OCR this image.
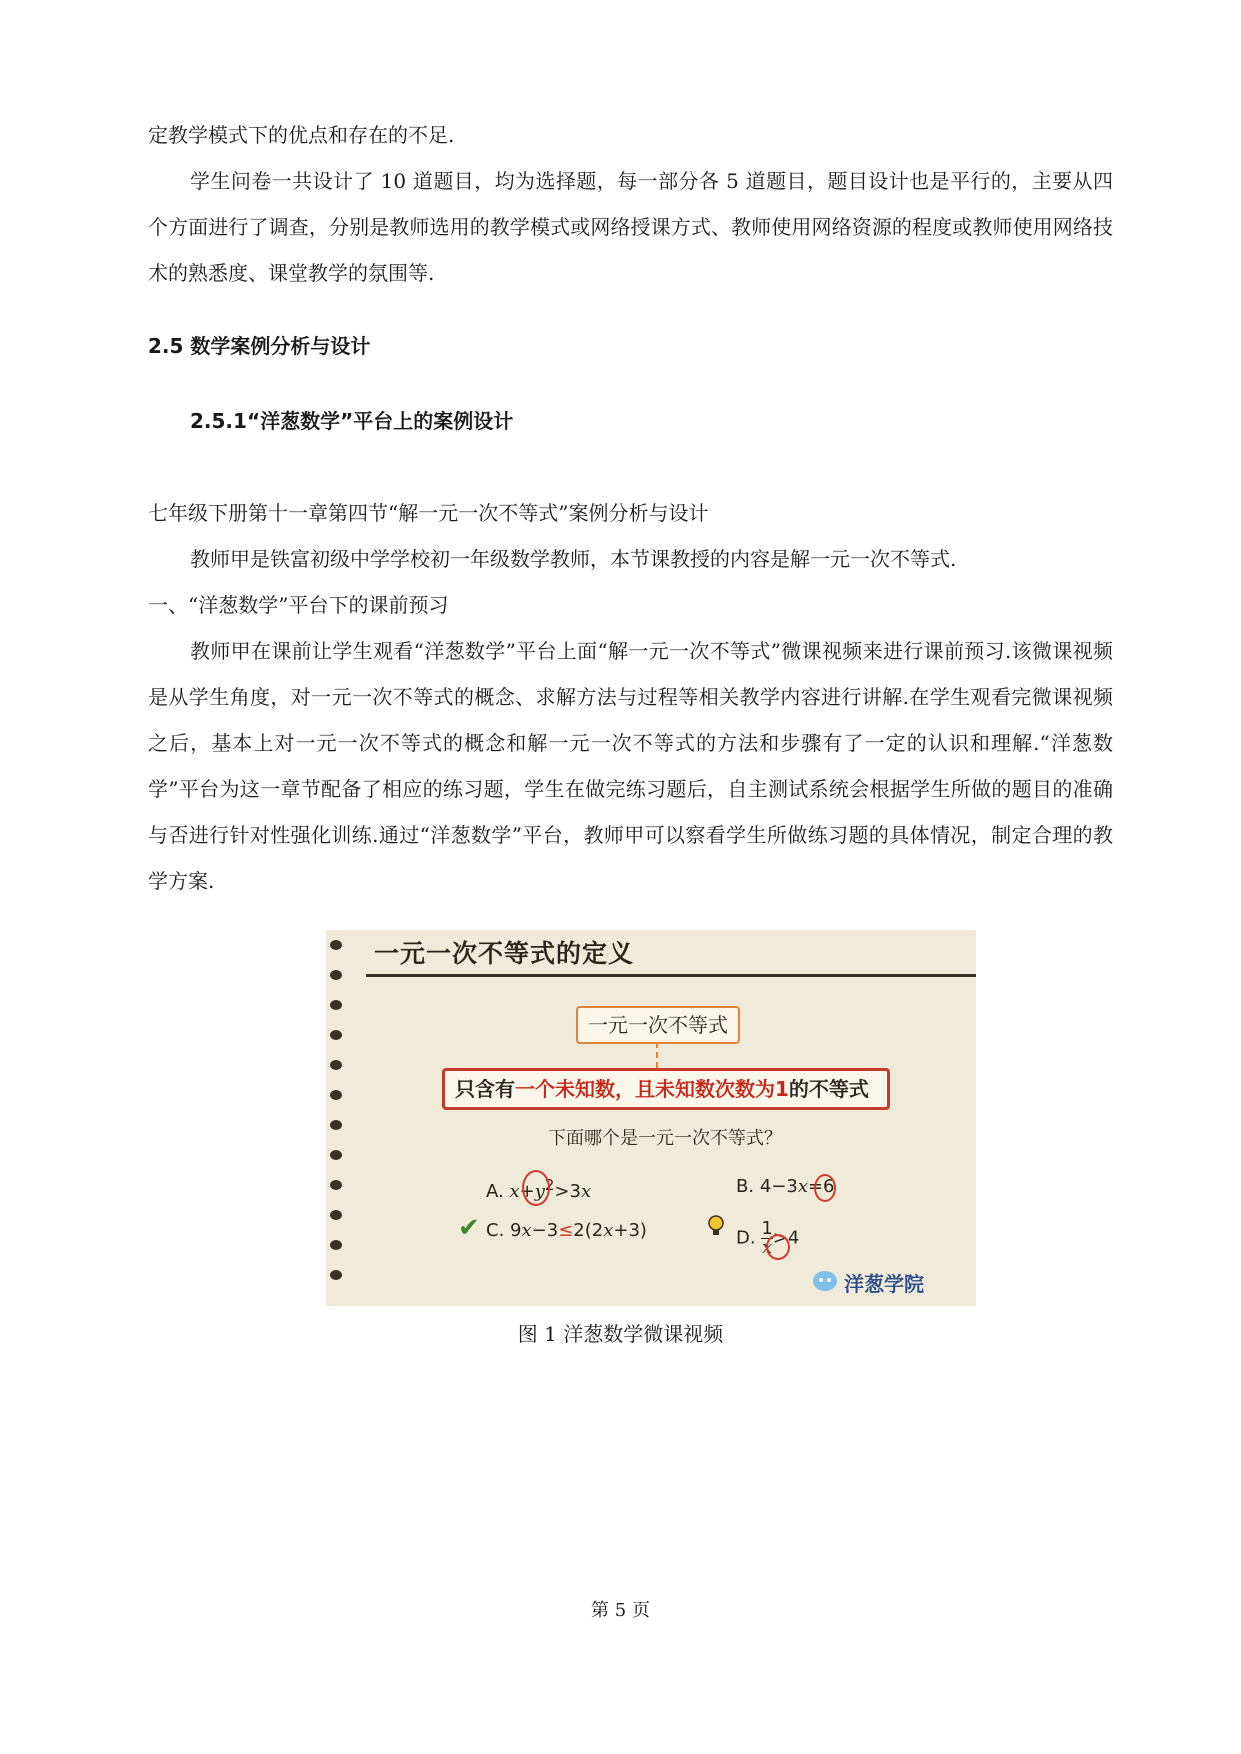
定教学模式下的优点和存在的不足.

学生问卷一共设计了 10 道题目，均为选择题，每一部分各 5 道题目，题目设计也是平行的，主要从四个方面进行了调查，分别是教师选用的教学模式或网络授课方式、教师使用网络资源的程度或教师使用网络技术的熟悉度、课堂教学的氛围等.

2.5 数学案例分析与设计
2.5.1“洋葱数学”平台上的案例设计

七年级下册第十一章第四节“解一元一次不等式”案例分析与设计

教师甲是铁富初级中学学校初一年级数学教师，本节课教授的内容是解一元一次不等式.

一、“洋葱数学”平台下的课前预习

教师甲在课前让学生观看“洋葱数学”平台上面“解一元一次不等式”微课视频来进行课前预习.该微课视频是从学生角度，对一元一次不等式的概念、求解方法与过程等相关教学内容进行讲解.在学生观看完微课视频之后，基本上对一元一次不等式的概念和解一元一次不等式的方法和步骤有了一定的认识和理解.“洋葱数学”平台为这一章节配备了相应的练习题，学生在做完练习题后，自主测试系统会根据学生所做的题目的准确与否进行针对性强化训练.通过“洋葱数学”平台，教师甲可以察看学生所做练习题的具体情况，制定合理的教学方案.

一元一次不等式的定义
一元一次不等式
只含有一个未知数，且未知数次数为1的不等式
下面哪个是一元一次不等式？
A. $x+y^2>3x$	B. 4−3x=6
✔ C. 9x−3≤2(2x+3)	D. $\frac{1}{x} >4$
洋葱学院
图 1 洋葱数学微课视频
第 5 页
